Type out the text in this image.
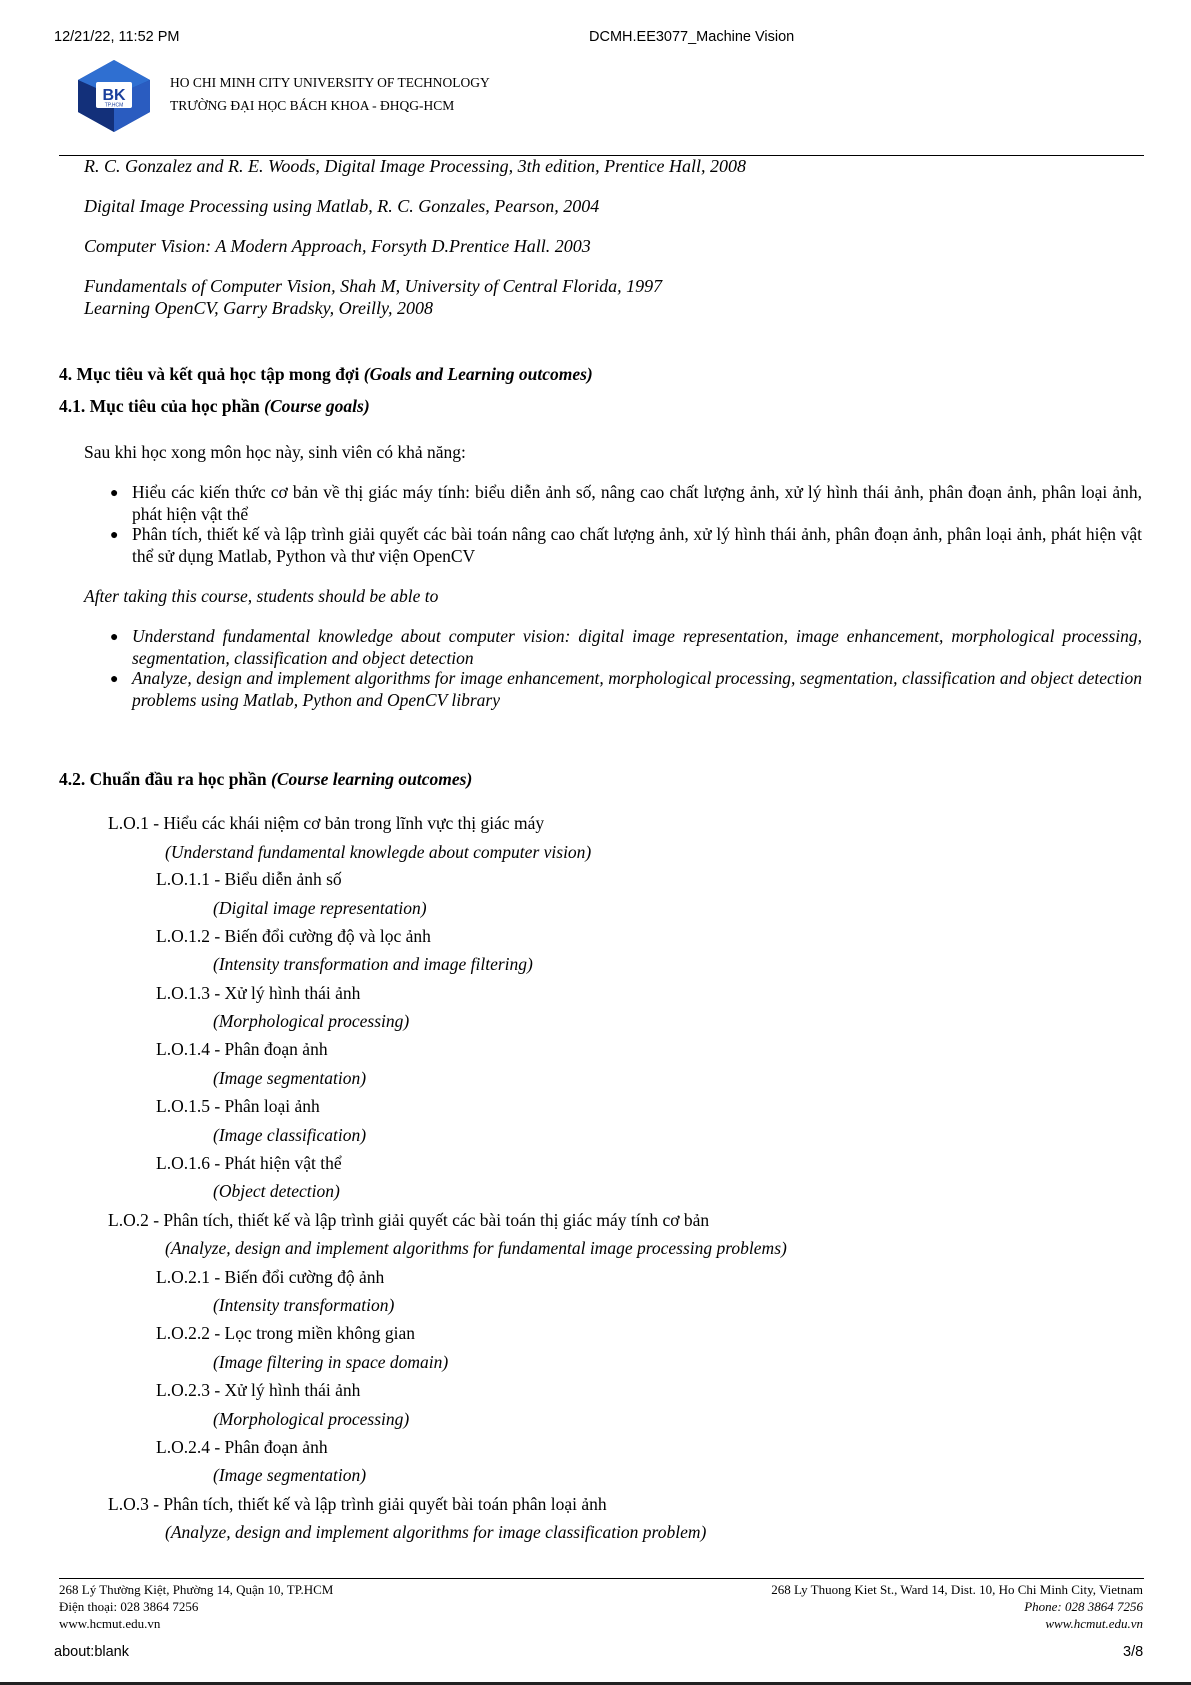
12/21/22, 11:52 PM	DCMH.EE3077_Machine Vision
BK
TP.HCM
HO CHI MINH CITY UNIVERSITY OF TECHNOLOGY
TRƯỜNG ĐẠI HỌC BÁCH KHOA - ĐHQG-HCM
R. C. Gonzalez and R. E. Woods, Digital Image Processing, 3th edition, Prentice Hall, 2008
Digital Image Processing using Matlab, R. C. Gonzales, Pearson, 2004
Computer Vision: A Modern Approach, Forsyth D.Prentice Hall. 2003
Fundamentals of Computer Vision, Shah M, University of Central Florida, 1997
Learning OpenCV, Garry Bradsky, Oreilly, 2008
4. Mục tiêu và kết quả học tập mong đợi (Goals and Learning outcomes)
4.1. Mục tiêu của học phần (Course goals)
Sau khi học xong môn học này, sinh viên có khả năng:
● Hiểu các kiến thức cơ bản về thị giác máy tính: biểu diễn ảnh số, nâng cao chất lượng ảnh, xử lý hình thái ảnh, phân đoạn ảnh, phân loại ảnh, phát hiện vật thể
● Phân tích, thiết kế và lập trình giải quyết các bài toán nâng cao chất lượng ảnh, xử lý hình thái ảnh, phân đoạn ảnh, phân loại ảnh, phát hiện vật thể sử dụng Matlab, Python và thư viện OpenCV
After taking this course, students should be able to
● Understand fundamental knowledge about computer vision: digital image representation, image enhancement, morphological processing, segmentation, classification and object detection
● Analyze, design and implement algorithms for image enhancement, morphological processing, segmentation, classification and object detection problems using Matlab, Python and OpenCV library
4.2. Chuẩn đầu ra học phần (Course learning outcomes)
L.O.1 - Hiểu các khái niệm cơ bản trong lĩnh vực thị giác máy
(Understand fundamental knowlegde about computer vision)
L.O.1.1 - Biểu diễn ảnh số
(Digital image representation)
L.O.1.2 - Biến đổi cường độ và lọc ảnh
(Intensity transformation and image filtering)
L.O.1.3 - Xử lý hình thái ảnh
(Morphological processing)
L.O.1.4 - Phân đoạn ảnh
(Image segmentation)
L.O.1.5 - Phân loại ảnh
(Image classification)
L.O.1.6 - Phát hiện vật thể
(Object detection)
L.O.2 - Phân tích, thiết kế và lập trình giải quyết các bài toán thị giác máy tính cơ bản
(Analyze, design and implement algorithms for fundamental image processing problems)
L.O.2.1 - Biến đổi cường độ ảnh
(Intensity transformation)
L.O.2.2 - Lọc trong miền không gian
(Image filtering in space domain)
L.O.2.3 - Xử lý hình thái ảnh
(Morphological processing)
L.O.2.4 - Phân đoạn ảnh
(Image segmentation)
L.O.3 - Phân tích, thiết kế và lập trình giải quyết bài toán phân loại ảnh
(Analyze, design and implement algorithms for image classification problem)
268 Lý Thường Kiệt, Phường 14, Quận 10, TP.HCM
Điện thoại: 028 3864 7256
www.hcmut.edu.vn
268 Ly Thuong Kiet St., Ward 14, Dist. 10, Ho Chi Minh City, Vietnam
Phone: 028 3864 7256
www.hcmut.edu.vn
about:blank	3/8
